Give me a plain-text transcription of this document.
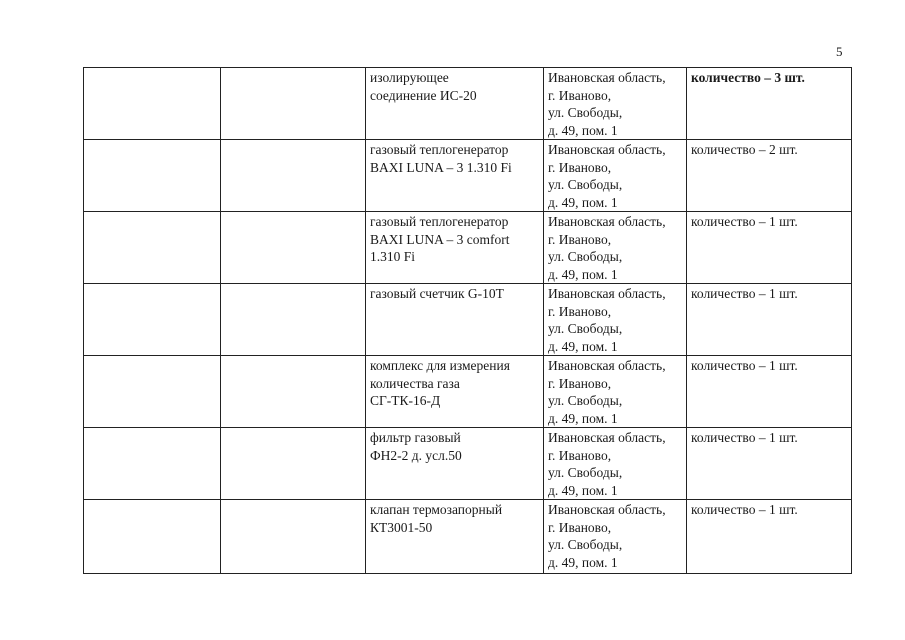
5

		изолирующее
соединение ИС-20	Ивановская область,
г. Иваново,
ул. Свободы,
д. 49, пом. 1	количество – 3 шт.

		газовый теплогенератор
BAXI LUNA – 3 1.310 Fi	Ивановская область,
г. Иваново,
ул. Свободы,
д. 49, пом. 1	количество – 2 шт.

		газовый теплогенератор
BAXI LUNA – 3 comfort
1.310 Fi	Ивановская область,
г. Иваново,
ул. Свободы,
д. 49, пом. 1	количество – 1 шт.

		газовый счетчик G-10Т	Ивановская область,
г. Иваново,
ул. Свободы,
д. 49, пом. 1	количество – 1 шт.

		комплекс для измерения
количества газа
СГ-ТК-16-Д	Ивановская область,
г. Иваново,
ул. Свободы,
д. 49, пом. 1	количество – 1 шт.

		фильтр газовый
ФН2-2 д. усл.50	Ивановская область,
г. Иваново,
ул. Свободы,
д. 49, пом. 1	количество – 1 шт.

		клапан термозапорный
КТ3001-50	Ивановская область,
г. Иваново,
ул. Свободы,
д. 49, пом. 1	количество – 1 шт.
